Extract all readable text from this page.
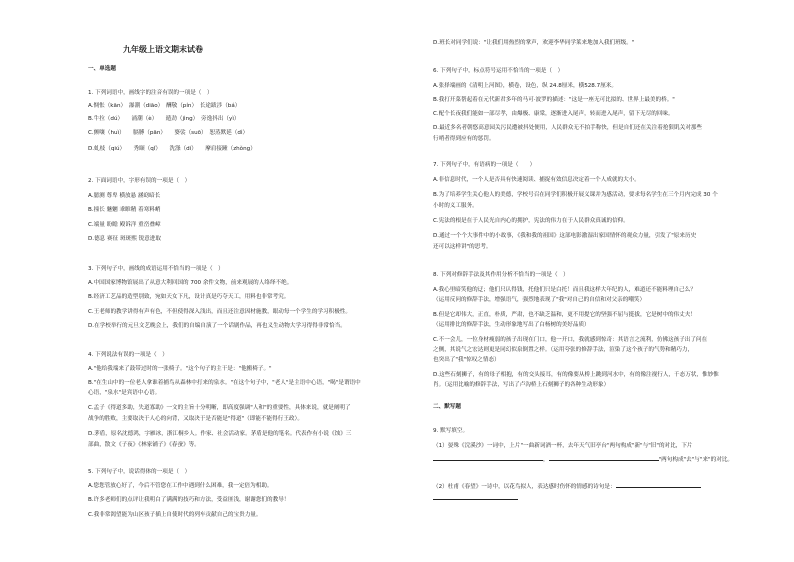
九年级上语文期末试卷
一、单选题
1. 下列词语中，画线字的注音有误的一项是（　）
A.惆怅（kān）　瀑潮（diāo）　酬敬（pín）　长途跋涉（bá）
B.牛拉（dú）　　涌潮（è）　　遁劲（jìng）　旁逸抖出（yì）
C.颤嚷（huì）　　膈膊（pān）　　婆裟（suō）　恕蒸默延（dì）
D.虬枝（qiú）　　秀颐（qǐ）　　洗涤（dí）　　摩肩接踵（zhǒng）
2. 下面词语中，字形有误的一项是（　）
A.臆测 尊卑 横放悬 涵窈暗长
B.撞长 魅魍 乖睢精 着寒料峭
C.端量 盼瞻 殿诉洋 重峦叠嶂
D.德息 赛征 斑斑熙 锐意进取
3. 下列句子中，画线的成语运用不恰当的一项是（　）
A.中国国家博物馆展出了从意大利回国的 700 余件文物，前来观展的人络绎不绝。
B.经济工艺品的造型别致，宛如天女下凡，设计真是巧夺天工，用料也非常考究。
C.王老师的教学讲得有声有色，不但使得深入浅出，而且还注意因材施教，眼动每一个学生的学习积极性。
D.在学校举行的元旦文艺晚会上，我们的自编自演了一个话剧作品，再也义生动物大学习得得非常恰当。
4. 下列说法有误的一项是（　）
A."他给我端来了鼓带过时的一张椅子。"这个句子的主干是："他搬椅子。"
B."在生山中的一位老人拿谁着捕鸟从森林中打来的泉水。"在这个句子中，"老人"是主语中心语，"喝"是谓语中
心语，"泉水"是宾语中心语。
C.孟子《得道多助，失道寡助》一文的主旨十分明晰，即高度强调"人和"的重要性，具体来说，就是阐明了
战争的胜败，主要取决于人心的向背，又取决于是否能是"得道"（即能不能得行王政）。
D.茅盾，原名沈德鸿，字雁冰，浙江桐乡人。作家、社会活动家。茅盾是他的笔名。代表作有小说《蚀》三
部曲，散文《子夜》《林家铺子》《春蚕》等。
5. 下列句子中，说话得体的一项是（　）
A.您您管放心好了，今后不管您在工作中遇到什么困难，我一定倍为相助。
B.许多老师们的点评让我明白了满满的技巧和方法，受益匪浅，谢谢您们的教导！
C.我非常渴望能为山区孩子插上自使时代的列车贡献自己的宝贵力量。
D.班长对同学们说："让我们用热烈的掌声，欢迎李华同学莱来地加入我们班级。"
6. 下列句子中，标点符号运用不恰当的一项是（　）
A.张择端画的《清明上河图》，横卷，设色，纵 24.8厘米，横528.7厘米。
B.我打开菜帮起着在元代新君多年的马可·波罗的描述："这是一座无可比拟的、世界上最美的桥。"
C.配个长夜我们能如一部尽孝，由爆极、康棠，逐渐进入尾声，转而进入尾声，留下无尽的回味。
D.最近多名者朝悠高意园关污民遭被抖处便用，人民群众无不拍手称快，但是自们还在关注着抢狠肌关对那些
行哨者得到应有的惩罚。
7. 下列句子中，有语病的一项是（　　）
A.非信息时代，一个人是否具有快速阅读、捕捉有效信息决定着一个人成就的大小。
B.为了培养学生关心他人的美德，学校号召在同学们积极开展义课并为感活动，要求每名学生在三个月内完成 30 个
小时的义工服务。
C.宪法的根是在于人民光自内心的拥护，宪法的伟力在于人民群众真诚的信仰。
D.通过一个个大事件中的小故事，《我和我的祖国》这部电影激湿出家国情怀的观众力量，引发了"原来历史
还可以这样讲"的思考。
8. 下列对修辞手法及其作用分析不恰当的一项是（　）
A.我心里暗笑他的迂；他们只认得钱，托他们只是白托！而且我这样大年纪的人，难道还不能料理自己么？
（运用反问的修辞手法，增强语气，强烈地表现了"我"对自己的自信和对父亲的嘲笑）
B.但是它却伟大，正直，朴质，严肃，也不缺乏温和，更不用提它的坚强不屈与挺拔，它是树中的伟丈夫！
（运用排比的修辞手法，生动形象地写出了白杨树的美好品质）
C.不一会儿，一位身材瘦弱的孩子出现在门口，他一开口，我就感到惊奇：其语言之流利，仿佛这孩子出了问在
之侧，其说气之宏达则更是同幻似泉倒置之样。（运用夸张的修辞手法，渲染了这个孩子的气势和精巧力，
也突出了"我"惊叹之情态）
D.这些石刻狮子，有的母子相抱，有的交头接耳，有的像要从桥上跳到河水中，有的像注视行人，千态万状，惟妙惟
肖。（运用比喻的修辞手法，写出了卢沟桥上石刻狮子的各种生动形象）
二、默写题
9. 默写填空。
（1）晏殊《浣溪沙》一词中，上片"一曲新词酒一杯，去年天气旧亭台"两句构成"新"与"旧"的对比，下片
，	"两句构成"去"与"来"的对比。
（2）杜甫《春望》一诗中，以花鸟拟人，表达感时伤怀的情感的诗句是：
